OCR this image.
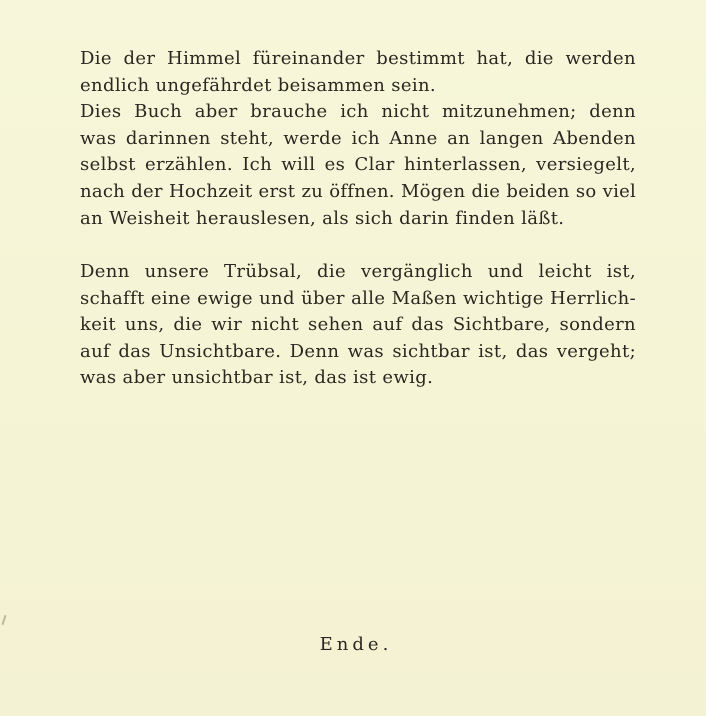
Die der Himmel füreinander bestimmt hat, die werden
endlich ungefährdet beisammen sein.
Dies Buch aber brauche ich nicht mitzunehmen; denn
was darinnen steht, werde ich Anne an langen Abenden
selbst erzählen. Ich will es Clar hinterlassen, versiegelt,
nach der Hochzeit erst zu öffnen. Mögen die beiden so viel
an Weisheit herauslesen, als sich darin finden läßt.
Denn unsere Trübsal, die vergänglich und leicht ist,
schafft eine ewige und über alle Maßen wichtige Herrlich-
keit uns, die wir nicht sehen auf das Sichtbare, sondern
auf das Unsichtbare. Denn was sichtbar ist, das vergeht;
was aber unsichtbar ist, das ist ewig.
Ende.
